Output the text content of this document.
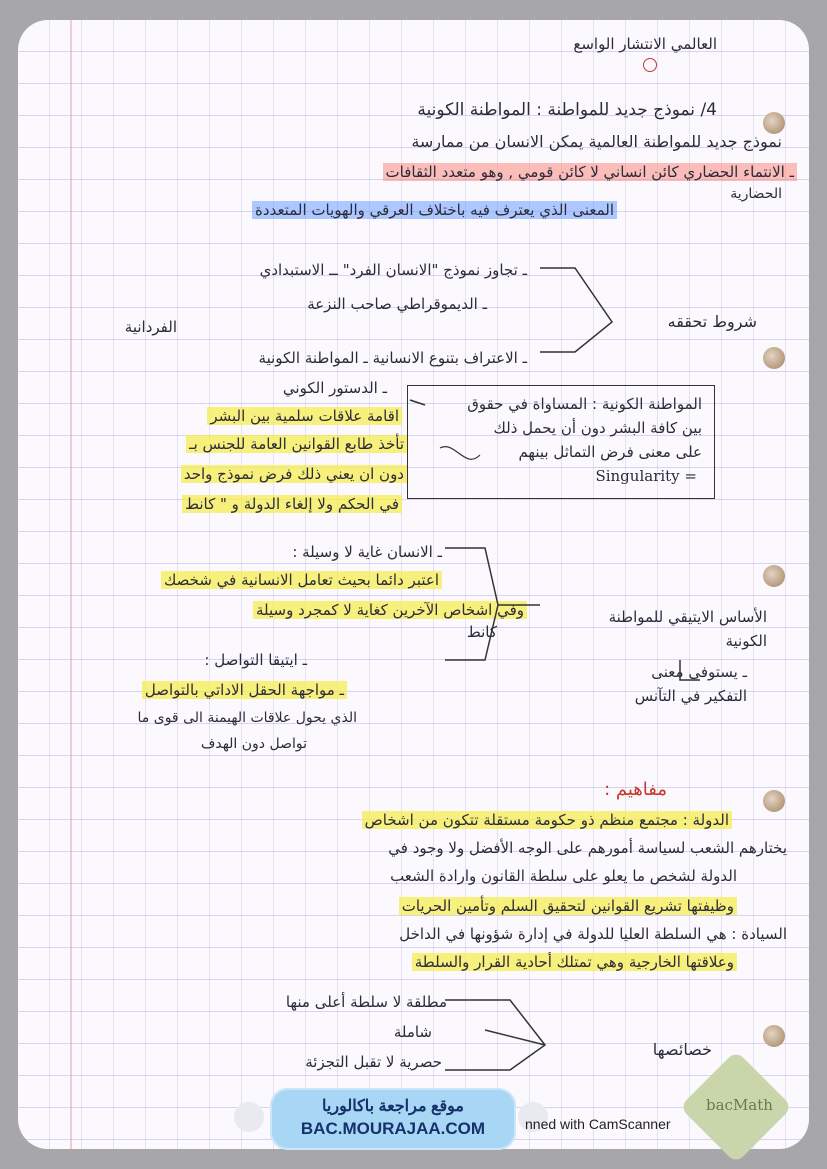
العالمي الانتشار الواسع
4/ نموذج جديد للمواطنة : المواطنة الكونية
نموذج جديد للمواطنة العالمية يمكن الانسان من ممارسة
ـ الانتماء الحضاري كائن انساني لا كائن قومي , وهو متعدد الثقافات
الحضارية
المعنى الذي يعترف فيه باختلاف العرقي والهويات المتعددة
ـ تجاوز نموذج "الانسان الفرد" ــ الاستبدادي
ـ الديموقراطي صاحب النزعة
الفردانية
ـ الاعتراف بتنوع الانسانية ـ المواطنة الكونية
ـ الدستور الكوني
شروط تحققه
اقامة علاقات سلمية بين البشر
تأخذ طابع القوانين العامة للجنس بـ
دون ان يعني ذلك فرض نموذج واحد
في الحكم ولا إلغاء الدولة و " كانط
المواطنة الكونية : المساواة في حقوق
بين كافة البشر دون أن يحمل ذلك
على معنى فرض التماثل بينهم
Singularity =
ـ الانسان غاية لا وسيلة :
اعتبر دائما بحيث تعامل الانسانية في شخصك
وفي اشخاص الآخرين كغاية لا كمجرد وسيلة
كانط
ـ ايتيقا التواصل :
ـ مواجهة الحقل الاداتي بالتواصل
الذي يحول علاقات الهيمنة الى قوى ما
تواصل دون الهدف
الأساس الايتيقي للمواطنة الكونية
ـ يستوفي معنى
التفكير في التآنس
مفاهيم :
الدولة : مجتمع منظم ذو حكومة مستقلة تتكون من اشخاص
يختارهم الشعب لسياسة أمورهم على الوجه الأفضل ولا وجود في
الدولة لشخص ما يعلو على سلطة القانون وارادة الشعب
وظيفتها تشريع القوانين لتحقيق السلم وتأمين الحريات
السيادة : هي السلطة العليا للدولة في إدارة شؤونها في الداخل
وعلاقتها الخارجية وهي تمتلك أحادية القرار والسلطة
مطلقة لا سلطة أعلى منها
شاملة
حصرية لا تقبل التجزئة
خصائصها
موقع مراجعة باكالوريا
BAC.MOURAJAA.COM	nned with CamScanner
bacMath
